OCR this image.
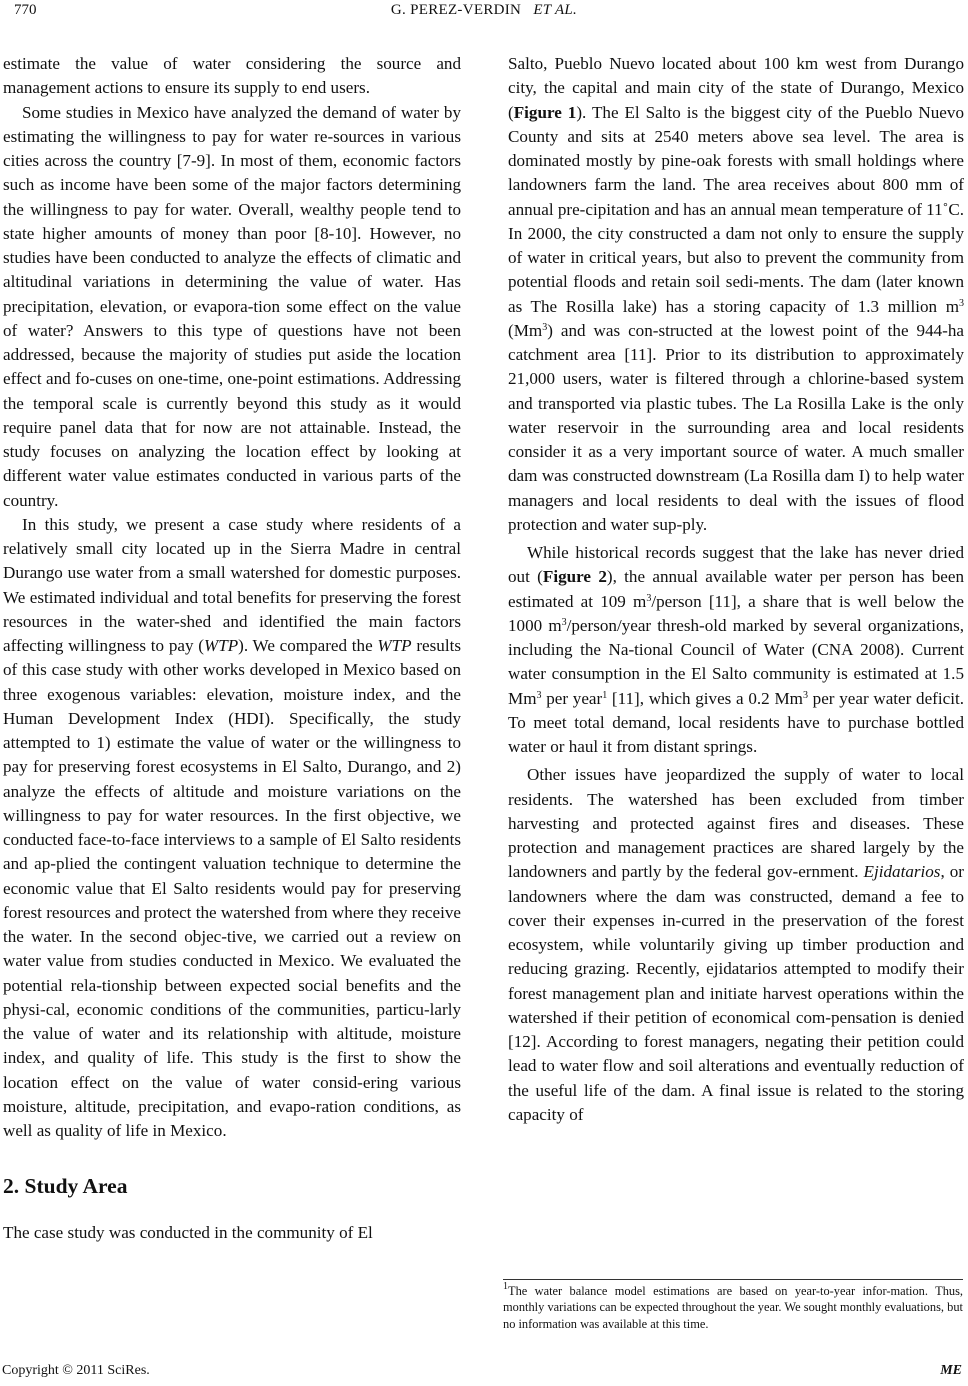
770	G. PEREZ-VERDIN ET AL.

estimate the value of water considering the source and management actions to ensure its supply to end users.

Some studies in Mexico have analyzed the demand of water by estimating the willingness to pay for water re-sources in various cities across the country [7-9]. In most of them, economic factors such as income have been some of the major factors determining the willingness to pay for water. Overall, wealthy people tend to state higher amounts of money than poor [8-10]. However, no studies have been conducted to analyze the effects of climatic and altitudinal variations in determining the value of water. Has precipitation, elevation, or evapora-tion some effect on the value of water? Answers to this type of questions have not been addressed, because the majority of studies put aside the location effect and fo-cuses on one-time, one-point estimations. Addressing the temporal scale is currently beyond this study as it would require panel data that for now are not attainable. Instead, the study focuses on analyzing the location effect by looking at different water value estimates conducted in various parts of the country.

In this study, we present a case study where residents of a relatively small city located up in the Sierra Madre in central Durango use water from a small watershed for domestic purposes. We estimated individual and total benefits for preserving the forest resources in the water-shed and identified the main factors affecting willingness to pay (WTP). We compared the WTP results of this case study with other works developed in Mexico based on three exogenous variables: elevation, moisture index, and the Human Development Index (HDI). Specifically, the study attempted to 1) estimate the value of water or the willingness to pay for preserving forest ecosystems in El Salto, Durango, and 2) analyze the effects of altitude and moisture variations on the willingness to pay for water resources. In the first objective, we conducted face-to-face interviews to a sample of El Salto residents and ap-plied the contingent valuation technique to determine the economic value that El Salto residents would pay for preserving forest resources and protect the watershed from where they receive the water. In the second objec-tive, we carried out a review on water value from studies conducted in Mexico. We evaluated the potential rela-tionship between expected social benefits and the physi-cal, economic conditions of the communities, particu-larly the value of water and its relationship with altitude, moisture index, and quality of life. This study is the first to show the location effect on the value of water consid-ering various moisture, altitude, precipitation, and evapo-ration conditions, as well as quality of life in Mexico.

2. Study Area

The case study was conducted in the community of El

Salto, Pueblo Nuevo located about 100 km west from Durango city, the capital and main city of the state of Durango, Mexico (Figure 1). The El Salto is the biggest city of the Pueblo Nuevo County and sits at 2540 meters above sea level. The area is dominated mostly by pine-oak forests with small holdings where landowners farm the land. The area receives about 800 mm of annual pre-cipitation and has an annual mean temperature of 11˚C. In 2000, the city constructed a dam not only to ensure the supply of water in critical years, but also to prevent the community from potential floods and retain soil sedi-ments. The dam (later known as The Rosilla lake) has a storing capacity of 1.3 million $m^3$ (Mm$^3$) and was con-structed at the lowest point of the 944-ha catchment area [11]. Prior to its distribution to approximately 21,000 users, water is filtered through a chlorine-based system and transported via plastic tubes. The La Rosilla Lake is the only water reservoir in the surrounding area and local residents consider it as a very important source of water. A much smaller dam was constructed downstream (La Rosilla dam I) to help water managers and local residents to deal with the issues of flood protection and water sup-ply.

While historical records suggest that the lake has never dried out (Figure 2), the annual available water per person has been estimated at 109 $m^3$/person [11], a share that is well below the 1000 $m^3/person$/year thresh-old marked by several organizations, including the Na-tional Council of Water (CNA 2008). Current water consumption in the El Salto community is estimated at 1.5 Mm$^3$ per year$^1$ [11], which gives a 0.2 Mm$^3$ per year water deficit. To meet total demand, local residents have to purchase bottled water or haul it from distant springs.

Other issues have jeopardized the supply of water to local residents. The watershed has been excluded from timber harvesting and protected against fires and diseases. These protection and management practices are shared largely by the landowners and partly by the federal gov-ernment. Ejidatarios, or landowners where the dam was constructed, demand a fee to cover their expenses in-curred in the preservation of the forest ecosystem, while voluntarily giving up timber production and reducing grazing. Recently, ejidatarios attempted to modify their forest management plan and initiate harvest operations within the watershed if their petition of economical com-pensation is denied [12]. According to forest managers, negating their petition could lead to water flow and soil alterations and eventually reduction of the useful life of the dam. A final issue is related to the storing capacity of

$^1$The water balance model estimations are based on year-to-year infor-mation. Thus, monthly variations can be expected throughout the year. We sought monthly evaluations, but no information was available at this time.
Copyright © 2011 SciRes.	ME
